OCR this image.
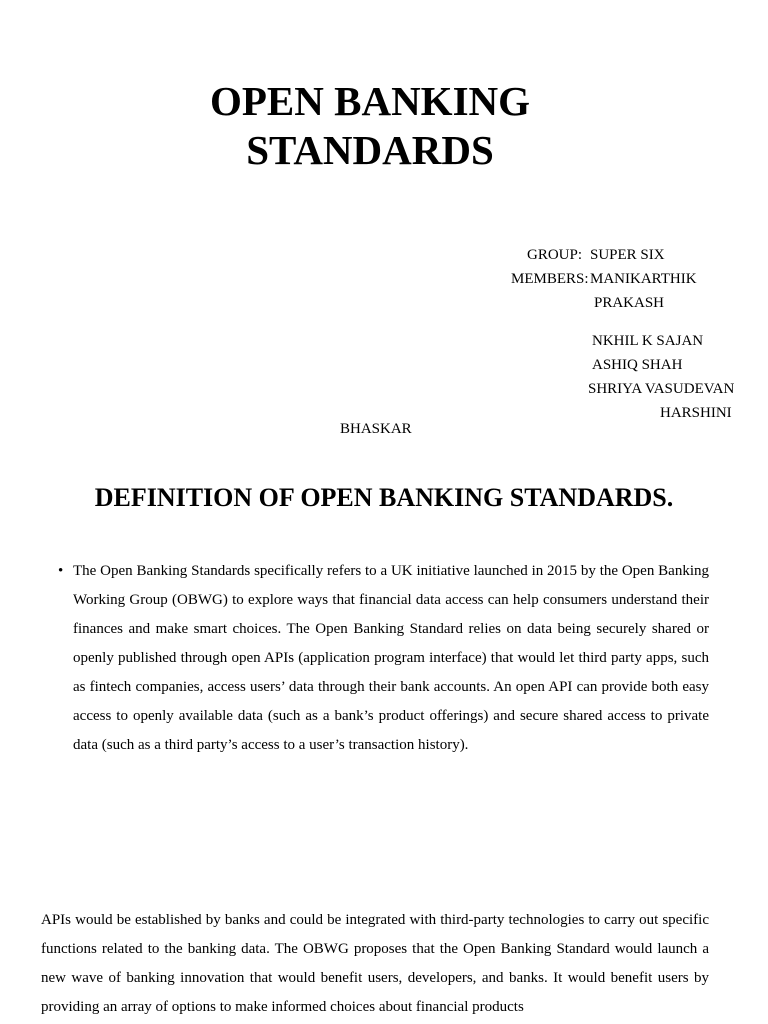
OPEN BANKING
STANDARDS
GROUP: SUPER SIX
MEMBERS: MANIKARTHIK
PRAKASH
NKHIL K SAJAN
ASHIQ SHAH
SHRIYA VASUDEVAN
HARSHINI
BHASKAR
DEFINITION OF OPEN BANKING STANDARDS.
• The Open Banking Standards specifically refers to a UK initiative launched in 2015 by the Open Banking Working Group (OBWG) to explore ways that financial data access can help consumers understand their finances and make smart choices. The Open Banking Standard relies on data being securely shared or openly published through open APIs (application program interface) that would let third party apps, such as fintech companies, access users’ data through their bank accounts. An open API can provide both easy access to openly available data (such as a bank’s product offerings) and secure shared access to private data (such as a third party’s access to a user’s transaction history).

APIs would be established by banks and could be integrated with third-party technologies to carry out specific functions related to the banking data. The OBWG proposes that the Open Banking Standard would launch a new wave of banking innovation that would benefit users, developers, and banks. It would benefit users by providing an array of options to make informed choices about financial products
